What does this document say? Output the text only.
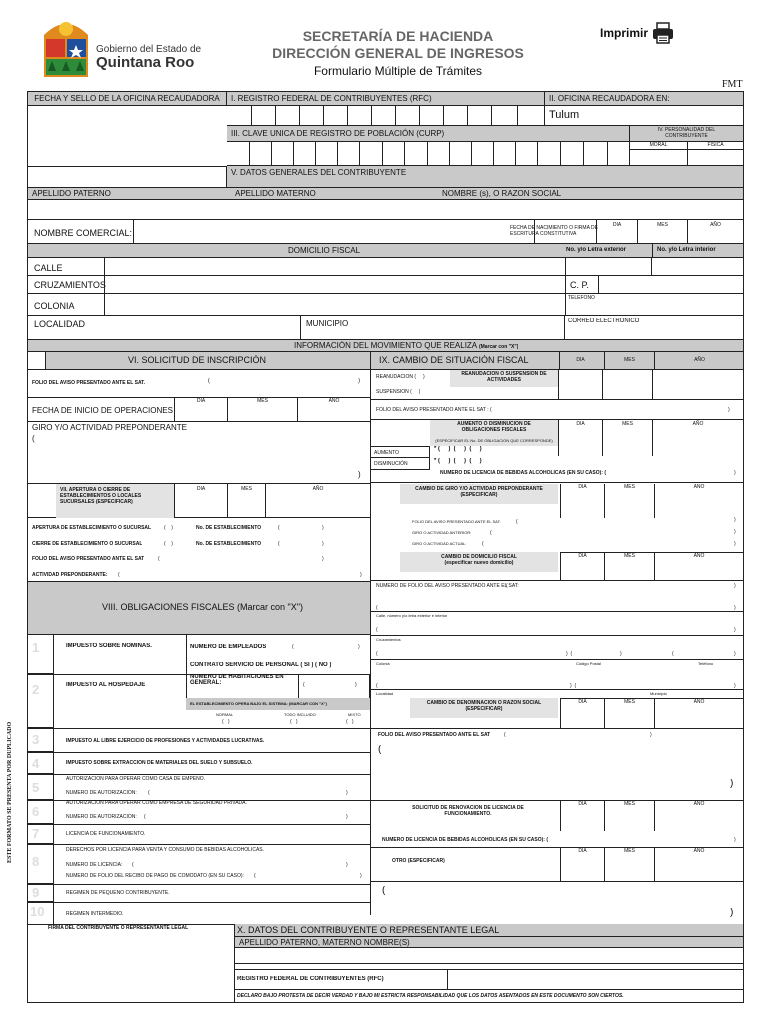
Gobierno del Estado de
Quintana Roo
SECRETARÍA DE HACIENDA
DIRECCIÓN GENERAL DE INGRESOS
Formulario Múltiple de Trámites
Imprimir
FMT
ESTE FORMATO SE PRESENTA POR DUPLICADO
FECHA Y SELLO DE LA OFICINA RECAUDADORA	I. REGISTRO FEDERAL DE CONTRIBUYENTES (RFC)	II. OFICINA RECAUDADORA EN:
Tulum
III. CLAVE UNICA DE REGISTRO DE POBLACIÓN (CURP)	IV. PERSONALIDAD DEL CONTRIBUYENTE
MORAL	FISICA
V. DATOS GENERALES DEL CONTRIBUYENTE
APELLIDO PATERNO	APELLIDO MATERNO	NOMBRE (s), O RAZON SOCIAL
NOMBRE COMERCIAL:	FECHA DE NACIMIENTO O FIRMA DE ESCRITURA CONSTITUTIVA
DIA	MES	AÑO
DOMICILIO FISCAL	No. y/o Letra exterior	No. y/o Letra interior
CALLE
CRUZAMIENTOS	C. P.
COLONIA
TELEFONO
LOCALIDAD	MUNICIPIO	CORREO ELECTRONICO
INFORMACIÓN DEL MOVIMIENTO QUE REALIZA (Marcar con "X")
VI. SOLICITUD DE INSCRIPCIÓN	IX. CAMBIO DE SITUACIÓN FISCAL	DIA	MES	AÑO
FOLIO DEL AVISO PRESENTADO ANTE EL SAT.	(	)
FECHA DE INICIO DE OPERACIONES
DIA	MES	AÑO
GIRO Y/O ACTIVIDAD PREPONDERANTE
(
)
VII. APERTURA O CIERRE DE ESTABLECIMIENTOS O LOCALES SUCURSALES (ESPECIFICAR)
DIA	MES	AÑO
APERTURA DE ESTABLECIMIENTO O SUCURSAL	(    )	No. DE ESTABLECIMIENTO	(	)
CIERRE DE ESTABLECIMIENTO O SUCURSAL	(    )	No. DE ESTABLECIMIENTO	(	)
FOLIO DEL AVISO PRESENTADO ANTE EL SAT	(	)
ACTIVIDAD PREPONDERANTE: (	)
REANUDACIÓN (     )
SUSPENSIÓN (     )
REANUDACION O SUSPENSION DE ACTIVIDADES
FOLIO DEL AVISO PRESENTADO ANTE EL SAT : (	)
AUMENTO O DISMINUCION DE OBLIGACIONES FISCALES
(ESPECIFICAR EL No. DE OBLIGACION QUE CORRESPONDE)
DIA	MES	AÑO
AUMENTO
DISMINUCIÓN
* (     )  (     )  (     )
* (     )  (     )  (     )
NUMERO DE LICENCIA DE BEBIDAS ALCOHOLICAS (EN SU CASO): (	)
CAMBIO DE GIRO Y/O ACTIVIDAD PREPONDERANTE (ESPECIFICAR)
DIA	MES	AÑO
FOLIO DEL AVISO PRESENTADO ANTE EL SAT:	(	)
GIRO O ACTIVIDAD ANTERIOR:	(	)
GIRO O ACTIVIDAD ACTUAL:	(	)
CAMBIO DE DOMICILIO FISCAL (especificar nuevo domicilio)
DIA	MES	AÑO
NUMERO DE FOLIO DEL AVISO PRESENTADO ANTE EL SAT:
(	)
(	)
Calle, número y/o letra exterior e interior
(	)
Cruzamientos
(	)  (	)	(	)
Colonia	Código Postal	Teléfono
(	)  (	)
Localidad	Municipio
CAMBIO DE DENOMINACION O RAZON SOCIAL (ESPECIFICAR)
DIA	MES	AÑO
FOLIO DEL AVISO PRESENTADO ANTE EL SAT	(	)
(
)
SOLICITUD DE RENOVACION DE LICENCIA DE FUNCIONAMIENTO.
DIA	MES	AÑO
NUMERO DE LICENCIA DE BEBIDAS ALCOHOLICAS (EN SU CASO): (	)
OTRO (ESPECIFICAR)
DIA	MES	AÑO
(
)
VIII. OBLIGACIONES FISCALES (Marcar con "X")
1	IMPUESTO SOBRE NÓMINAS.	NÚMERO DE EMPLEADOS	(	)
CONTRATÓ SERVICIO DE PERSONAL ( SI ) ( NO )
2	IMPUESTO AL HOSPEDAJE
NÚMERO DE HABITACIONES EN GENERAL:	(	)
EL ESTABLECIMIENTO OPERA BAJO EL SISTEMA: (MARCAR CON "X")
NORMAL	TODO INCLUIDO	MIXTO
(   )	(   )	(   )
3	IMPUESTO AL LIBRE EJERCICIO DE PROFESIONES Y ACTIVIDADES LUCRATIVAS.
4	IMPUESTO SOBRE EXTRACCIÓN DE MATERIALES DEL SUELO Y SUBSUELO.
5
AUTORIZACIÓN PARA OPERAR COMO CASA DE EMPEÑO.
NÚMERO DE AUTORIZACIÓN: (	)
6
AUTORIZACIÓN PARA OPERAR COMO EMPRESA DE SEGURIDAD PRIVADA.
NÚMERO DE AUTORIZACIÓN: (	)
7	LICENCIA DE FUNCIONAMIENTO.
8
DERECHOS POR LICENCIA PARA VENTA Y CONSUMO DE BEBIDAS ALCOHOLICAS.
NÚMERO DE LICENCIA: (	)
NÚMERO DE FOLIO DEL RECIBO DE PAGO DE COMODATO (EN SU CASO): (	)
9	REGIMEN DE PEQUEÑO CONTRIBUYENTE.
10	REGIMEN INTERMEDIO.
FIRMA DEL CONTRIBUYENTE O REPRESENTANTE LEGAL	X. DATOS DEL CONTRIBUYENTE O REPRESENTANTE LEGAL
APELLIDO PATERNO, MATERNO NOMBRE(S)
REGISTRO FEDERAL DE CONTRIBUYENTES (RFC)
DECLARO BAJO PROTESTA DE DECIR VERDAD Y BAJO MI ESTRICTA RESPONSABILIDAD QUE LOS DATOS ASENTADOS EN ESTE DOCUMENTO SON CIERTOS.
